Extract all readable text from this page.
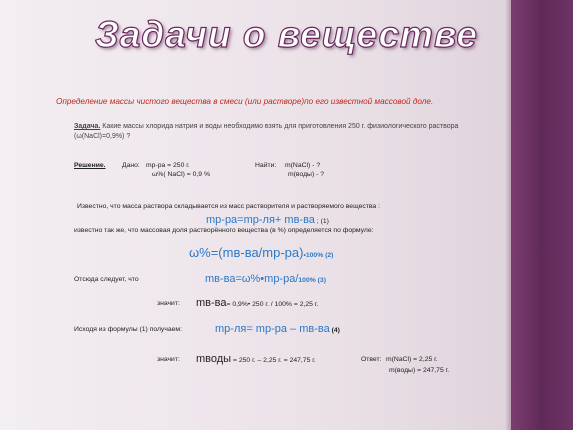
Задачи о веществе
Определение массы чистого вещества в смеси (или растворе)по его известной массовой доле.
Задача. Какие массы хлорида натрия и воды необходимо взять для приготовления 250 г. физиологического раствора (ω(NaCl)=0,9%) ?
Решение. Дано: mр-ра = 250 г.
ω%( NaCl) = 0,9 %
Найти: m(NaCl) - ?
m(воды) - ?
Известно, что масса раствора складывается из масс растворителя и растворяемого вещества :
mр-ра=mр-ля+ mв-ва ; (1)
известно так же, что массовая доля растворённого вещества (в %) определяется по формуле:
ω%=(mв-ва/mр-ра)•100% (2)
Отсюда следует, что	mв-ва=ω%•mр-ра/100% (3)
значит: mв-ва= 0,9%• 250 г. / 100% = 2,25 г.
Исходя из формулы (1) получаем:	mр-ля= mр-ра – mв-ва (4)
значит: mводы = 250 г. – 2,25 г. = 247,75 г.	Ответ: m(NaCl) = 2,25 г.
m(воды) = 247,75 г.
